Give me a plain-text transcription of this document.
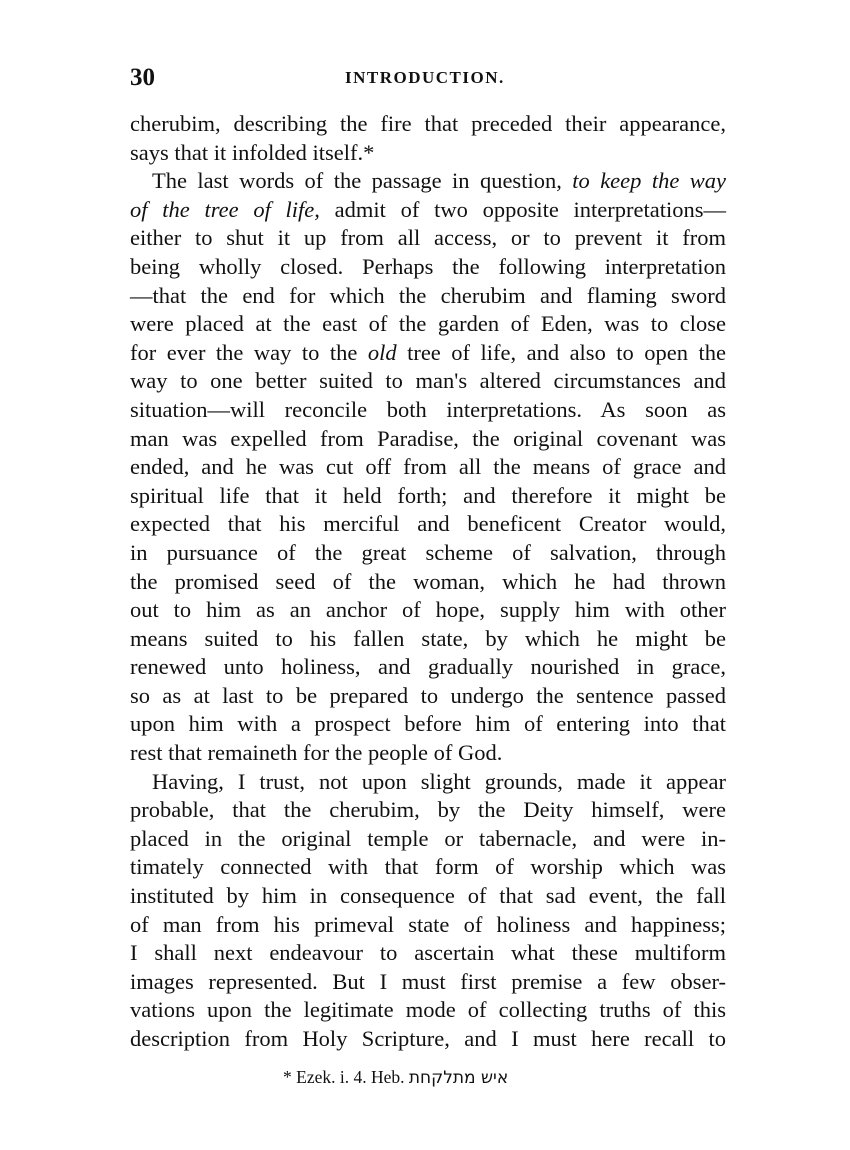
30	INTRODUCTION.
cherubim, describing the fire that preceded their appearance,
says that it infolded itself.*
The last words of the passage in question, to keep the way
of the tree of life, admit of two opposite interpretations—
either to shut it up from all access, or to prevent it from
being wholly closed. Perhaps the following interpretation
—that the end for which the cherubim and flaming sword
were placed at the east of the garden of Eden, was to close
for ever the way to the old tree of life, and also to open the
way to one better suited to man's altered circumstances and
situation—will reconcile both interpretations. As soon as
man was expelled from Paradise, the original covenant was
ended, and he was cut off from all the means of grace and
spiritual life that it held forth; and therefore it might be
expected that his merciful and beneficent Creator would,
in pursuance of the great scheme of salvation, through
the promised seed of the woman, which he had thrown
out to him as an anchor of hope, supply him with other
means suited to his fallen state, by which he might be
renewed unto holiness, and gradually nourished in grace,
so as at last to be prepared to undergo the sentence passed
upon him with a prospect before him of entering into that
rest that remaineth for the people of God.
Having, I trust, not upon slight grounds, made it appear
probable, that the cherubim, by the Deity himself, were
placed in the original temple or tabernacle, and were in-
timately connected with that form of worship which was
instituted by him in consequence of that sad event, the fall
of man from his primeval state of holiness and happiness;
I shall next endeavour to ascertain what these multiform
images represented. But I must first premise a few obser-
vations upon the legitimate mode of collecting truths of this
description from Holy Scripture, and I must here recall to
* Ezek. i. 4. Heb. איש מתלקחת
